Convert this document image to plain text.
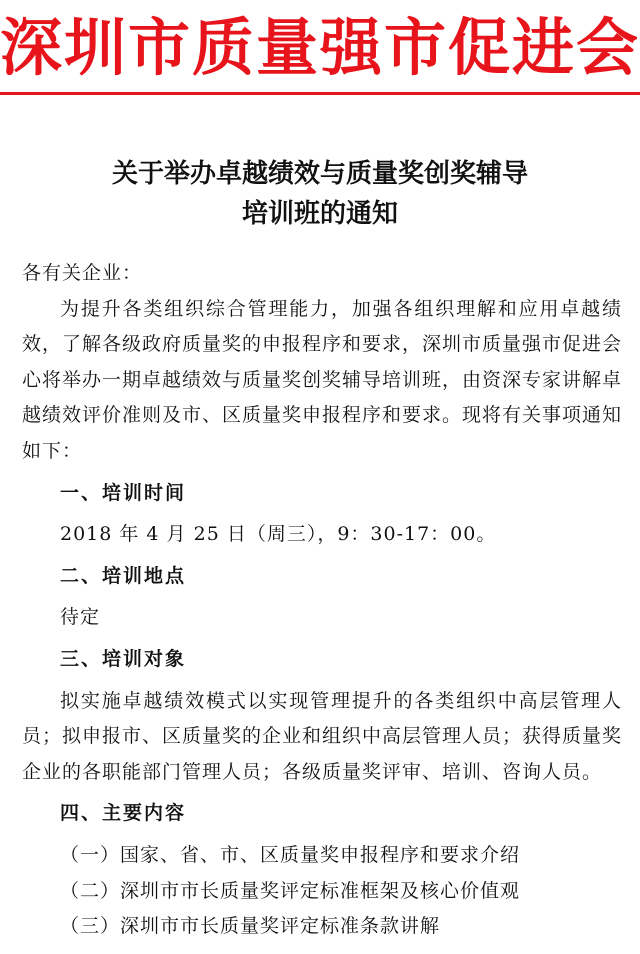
深圳市质量强市促进会
关于举办卓越绩效与质量奖创奖辅导
培训班的通知

各有关企业：

为提升各类组织综合管理能力，加强各组织理解和应用卓越绩效，了解各级政府质量奖的申报程序和要求，深圳市质量强市促进会心将举办一期卓越绩效与质量奖创奖辅导培训班，由资深专家讲解卓越绩效评价准则及市、区质量奖申报程序和要求。现将有关事项通知如下：

一、培训时间

2018 年 4 月 25 日（周三），9：30-17：00。

二、培训地点

待定

三、培训对象

拟实施卓越绩效模式以实现管理提升的各类组织中高层管理人员；拟申报市、区质量奖的企业和组织中高层管理人员；获得质量奖企业的各职能部门管理人员；各级质量奖评审、培训、咨询人员。

四、主要内容

（一）国家、省、市、区质量奖申报程序和要求介绍

（二）深圳市市长质量奖评定标准框架及核心价值观

（三）深圳市市长质量奖评定标准条款讲解
